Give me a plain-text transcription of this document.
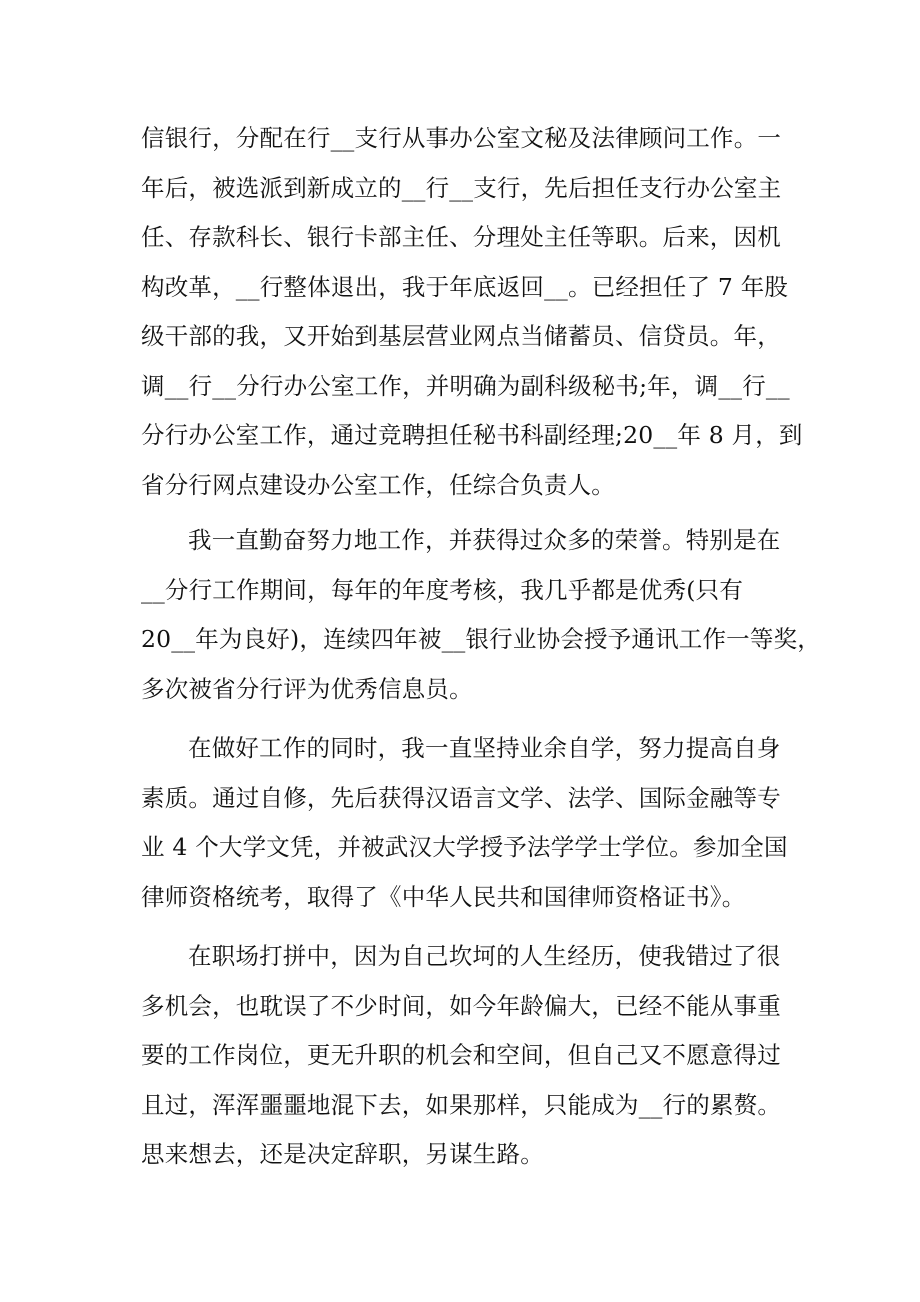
信银行，分配在行__支行从事办公室文秘及法律顾问工作。一
年后，被选派到新成立的__行__支行，先后担任支行办公室主
任、存款科长、银行卡部主任、分理处主任等职。后来，因机
构改革，__行整体退出，我于年底返回__。已经担任了 7 年股
级干部的我，又开始到基层营业网点当储蓄员、信贷员。年，
调__行__分行办公室工作，并明确为副科级秘书;年，调__行__
分行办公室工作，通过竞聘担任秘书科副经理;20__年 8 月，到
省分行网点建设办公室工作，任综合负责人。
我一直勤奋努力地工作，并获得过众多的荣誉。特别是在
__分行工作期间，每年的年度考核，我几乎都是优秀(只有
20__年为良好)，连续四年被__银行业协会授予通讯工作一等奖，
多次被省分行评为优秀信息员。
在做好工作的同时，我一直坚持业余自学，努力提高自身
素质。通过自修，先后获得汉语言文学、法学、国际金融等专
业 4 个大学文凭，并被武汉大学授予法学学士学位。参加全国
律师资格统考，取得了《中华人民共和国律师资格证书》。
在职场打拼中，因为自己坎坷的人生经历，使我错过了很
多机会，也耽误了不少时间，如今年龄偏大，已经不能从事重
要的工作岗位，更无升职的机会和空间，但自己又不愿意得过
且过，浑浑噩噩地混下去，如果那样，只能成为__行的累赘。
思来想去，还是决定辞职，另谋生路。
